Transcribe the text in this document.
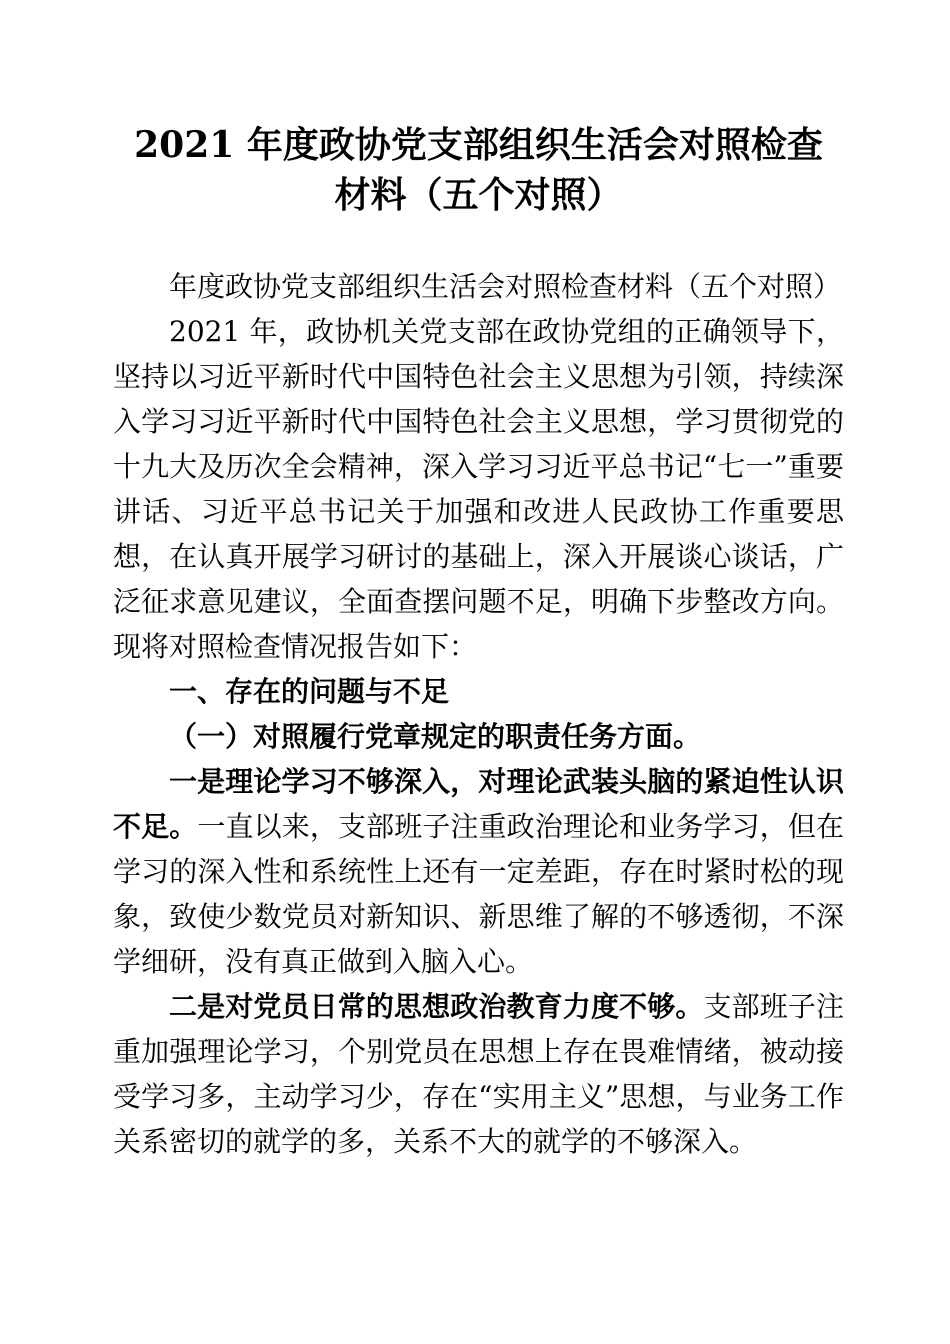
2021 年度政协党支部组织生活会对照检查材料（五个对照）

年度政协党支部组织生活会对照检查材料（五个对照）

2021 年，政协机关党支部在政协党组的正确领导下，坚持以习近平新时代中国特色社会主义思想为引领，持续深入学习习近平新时代中国特色社会主义思想，学习贯彻党的十九大及历次全会精神，深入学习习近平总书记“七一”重要讲话、习近平总书记关于加强和改进人民政协工作重要思想，在认真开展学习研讨的基础上，深入开展谈心谈话，广泛征求意见建议，全面查摆问题不足，明确下步整改方向。现将对照检查情况报告如下：

一、存在的问题与不足

（一）对照履行党章规定的职责任务方面。

一是理论学习不够深入，对理论武装头脑的紧迫性认识不足。一直以来，支部班子注重政治理论和业务学习，但在学习的深入性和系统性上还有一定差距，存在时紧时松的现象，致使少数党员对新知识、新思维了解的不够透彻，不深学细研，没有真正做到入脑入心。

二是对党员日常的思想政治教育力度不够。支部班子注重加强理论学习，个别党员在思想上存在畏难情绪，被动接受学习多，主动学习少，存在“实用主义”思想，与业务工作关系密切的就学的多，关系不大的就学的不够深入。
